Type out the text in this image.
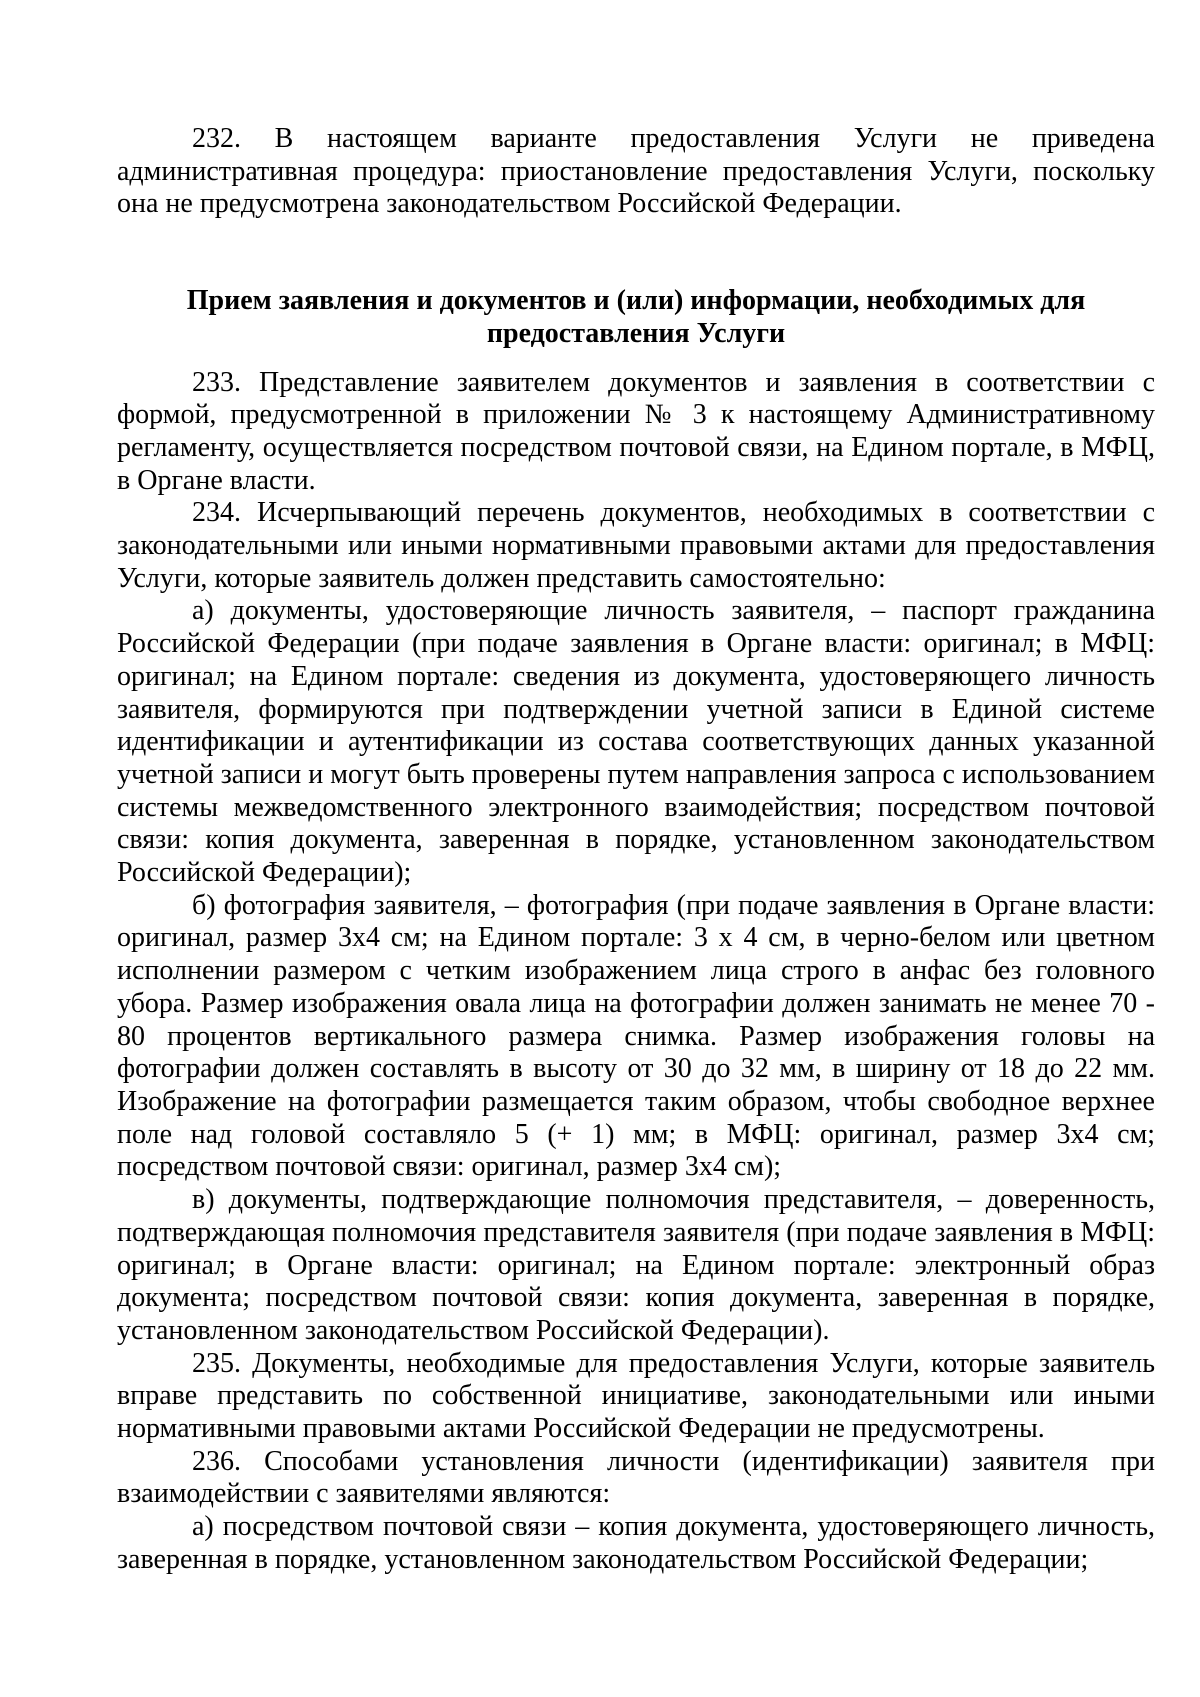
232. В настоящем варианте предоставления Услуги не приведена административная процедура: приостановление предоставления Услуги, поскольку она не предусмотрена законодательством Российской Федерации.

Прием заявления и документов и (или) информации, необходимых для предоставления Услуги

233. Представление заявителем документов и заявления в соответствии с формой, предусмотренной в приложении № 3 к настоящему Административному регламенту, осуществляется посредством почтовой связи, на Едином портале, в МФЦ, в Органе власти.

234. Исчерпывающий перечень документов, необходимых в соответствии с законодательными или иными нормативными правовыми актами для предоставления Услуги, которые заявитель должен представить самостоятельно:

а) документы, удостоверяющие личность заявителя, – паспорт гражданина Российской Федерации (при подаче заявления в Органе власти: оригинал; в МФЦ: оригинал; на Едином портале: сведения из документа, удостоверяющего личность заявителя, формируются при подтверждении учетной записи в Единой системе идентификации и аутентификации из состава соответствующих данных указанной учетной записи и могут быть проверены путем направления запроса с использованием системы межведомственного электронного взаимодействия; посредством почтовой связи: копия документа, заверенная в порядке, установленном законодательством Российской Федерации);

б) фотография заявителя, – фотография (при подаче заявления в Органе власти: оригинал, размер 3x4 см; на Едином портале: 3 x 4 см, в черно-белом или цветном исполнении размером с четким изображением лица строго в анфас без головного убора. Размер изображения овала лица на фотографии должен занимать не менее 70 - 80 процентов вертикального размера снимка. Размер изображения головы на фотографии должен составлять в высоту от 30 до 32 мм, в ширину от 18 до 22 мм. Изображение на фотографии размещается таким образом, чтобы свободное верхнее поле над головой составляло 5 (+ 1) мм; в МФЦ: оригинал, размер 3x4 см; посредством почтовой связи: оригинал, размер 3x4 см);

в) документы, подтверждающие полномочия представителя, – доверенность, подтверждающая полномочия представителя заявителя (при подаче заявления в МФЦ: оригинал; в Органе власти: оригинал; на Едином портале: электронный образ документа; посредством почтовой связи: копия документа, заверенная в порядке, установленном законодательством Российской Федерации).

235. Документы, необходимые для предоставления Услуги, которые заявитель вправе представить по собственной инициативе, законодательными или иными нормативными правовыми актами Российской Федерации не предусмотрены.

236. Способами установления личности (идентификации) заявителя при взаимодействии с заявителями являются:

а) посредством почтовой связи – копия документа, удостоверяющего личность, заверенная в порядке, установленном законодательством Российской Федерации;
